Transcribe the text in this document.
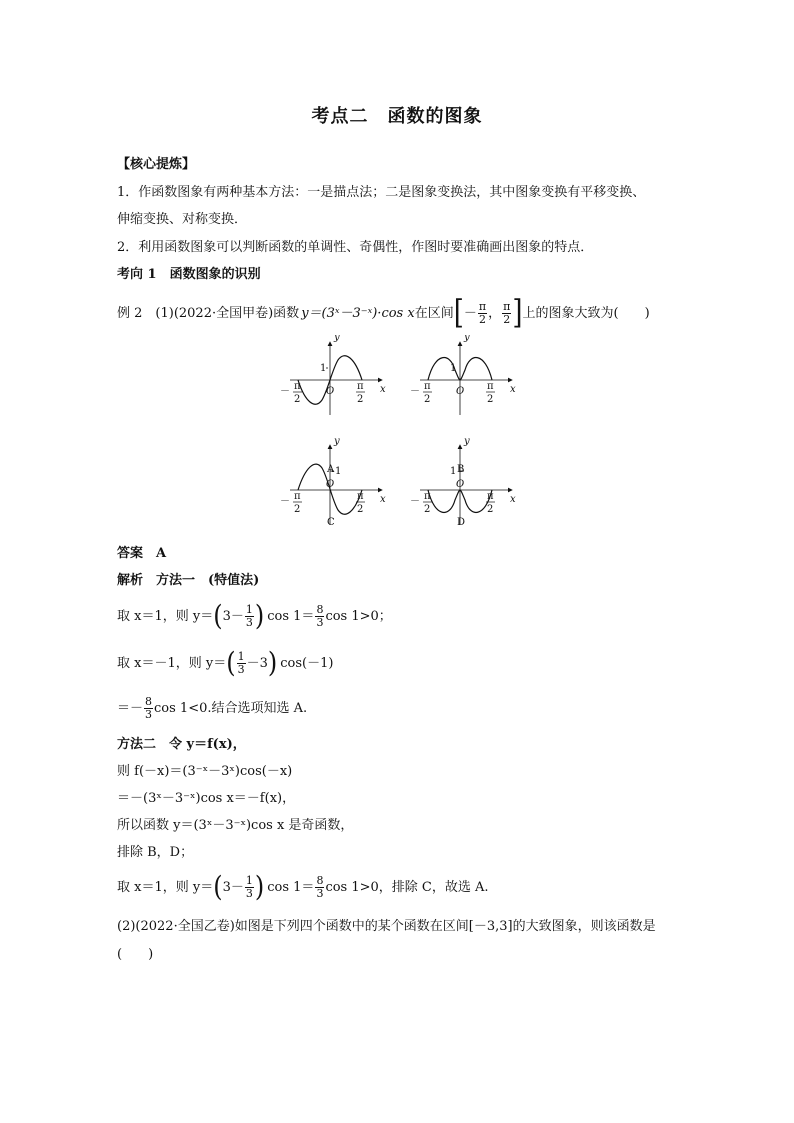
考点二　函数的图象
【核心提炼】
1．作函数图象有两种基本方法：一是描点法；二是图象变换法，其中图象变换有平移变换、
伸缩变换、对称变换．
2．利用函数图象可以判断函数的单调性、奇偶性，作图时要准确画出图象的特点．
考向 1　函数图象的识别
例 2　(1)(2022·全国甲卷)函数 y＝(3ˣ－3⁻ˣ)·cos x 在区间 [ － $\frac{\pi}{2}$ ， $\frac{\pi}{2}$ ] 上的图象大致为(　　)
1
y
O	x
－ π
2
π
2
A
1
y
O	x
－ π
2
π
2
B
1
y
O
x
－ π
2
π
2
C
1
y
O
x
－ π
2
π
2
D
答案　A
解析　方法一　(特值法)
取 x＝1，则 y＝ ( $3- \frac{1}{3}$ ) $\cos 1= \frac{8}{3}$ cos 1>0；
取 x＝－1，则 y＝ ( $\frac{1}{3} -3$ ) cos(－1)
＝－ $\frac{8}{3}$ cos 1<0.结合选项知选 A.
方法二　令 y＝f(x)，
则 f(－x)＝(3⁻ˣ－3ˣ)cos(－x)
＝－(3ˣ－3⁻ˣ)cos x＝－f(x)，
所以函数 y＝(3ˣ－3⁻ˣ)cos x 是奇函数，
排除 B，D；
取 x＝1，则 y＝ ( $3- \frac{1}{3}$ ) $\cos 1= \frac{8}{3}$ cos 1>0，排除 C，故选 A.
(2)(2022·全国乙卷)如图是下列四个函数中的某个函数在区间[－3,3]的大致图象，则该函数是
(　　)
